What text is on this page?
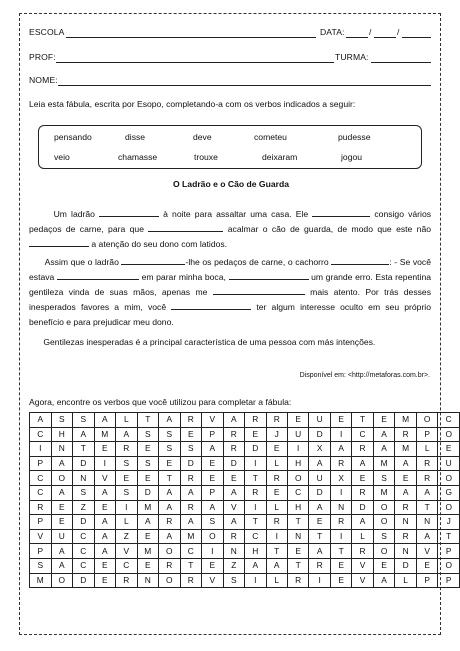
ESCOLA	DATA:	/	/
PROF:	TURMA:
NOME:
Leia esta fábula, escrita por Esopo, completando-a com os verbos indicados a seguir:
pensando	disse	deve	cometeu	pudesse
veio	chamasse	trouxe	deixaram	jogou
O Ladrão e o Cão de Guarda

Um ladrão	à noite para assaltar uma casa. Ele	consigo vários pedaços de carne, para que	acalmar o cão de guarda, de modo que este não  a atenção do seu dono com latidos.

Assim que o ladrão	-lhe os pedaços de carne, o cachorro	: - Se você estava	em parar minha boca,	um grande erro. Esta repentina gentileza vinda de suas mãos, apenas me	mais atento. Por trás desses inesperados favores a mim, você	ter algum interesse oculto em seu próprio benefício e para prejudicar meu dono.

Gentilezas inesperadas é a principal característica de uma pessoa com más intenções.

Disponível em: <http://metaforas.com.br>.
Agora, encontre os verbos que você utilizou para completar a fábula:
A	S	S	A	L	T	A	R	V	A	R	R	E	U	E	T	E	M	O	C
C	H	A	M	A	S	S	E	P	R	E	J	U	D	I	C	A	R	P	O
I	N	T	E	R	E	S	S	A	R	D	E	I	X	A	R	A	M	L	E
P	A	D	I	S	S	E	D	E	D	I	L	H	A	R	A	M	A	R	U
C	O	N	V	E	E	T	R	E	E	T	R	O	U	X	E	S	E	R	O
C	A	S	A	S	D	A	A	P	A	R	E	C	D	I	R	M	A	A	G
R	E	Z	E	I	M	A	R	A	V	I	L	H	A	N	D	O	R	T	O
P	E	D	A	L	A	R	A	S	A	T	R	T	E	R	A	O	N	N	J
V	U	C	A	Z	E	A	M	O	R	C	I	N	T	I	L	S	R	A	T
P	A	C	A	V	M	O	C	I	N	H	T	E	A	T	R	O	N	V	P
S	A	C	E	C	E	R	T	E	Z	A	A	T	R	E	V	E	D	E	O
M	O	D	E	R	N	O	R	V	S	I	L	R	I	E	V	A	L	P	P
